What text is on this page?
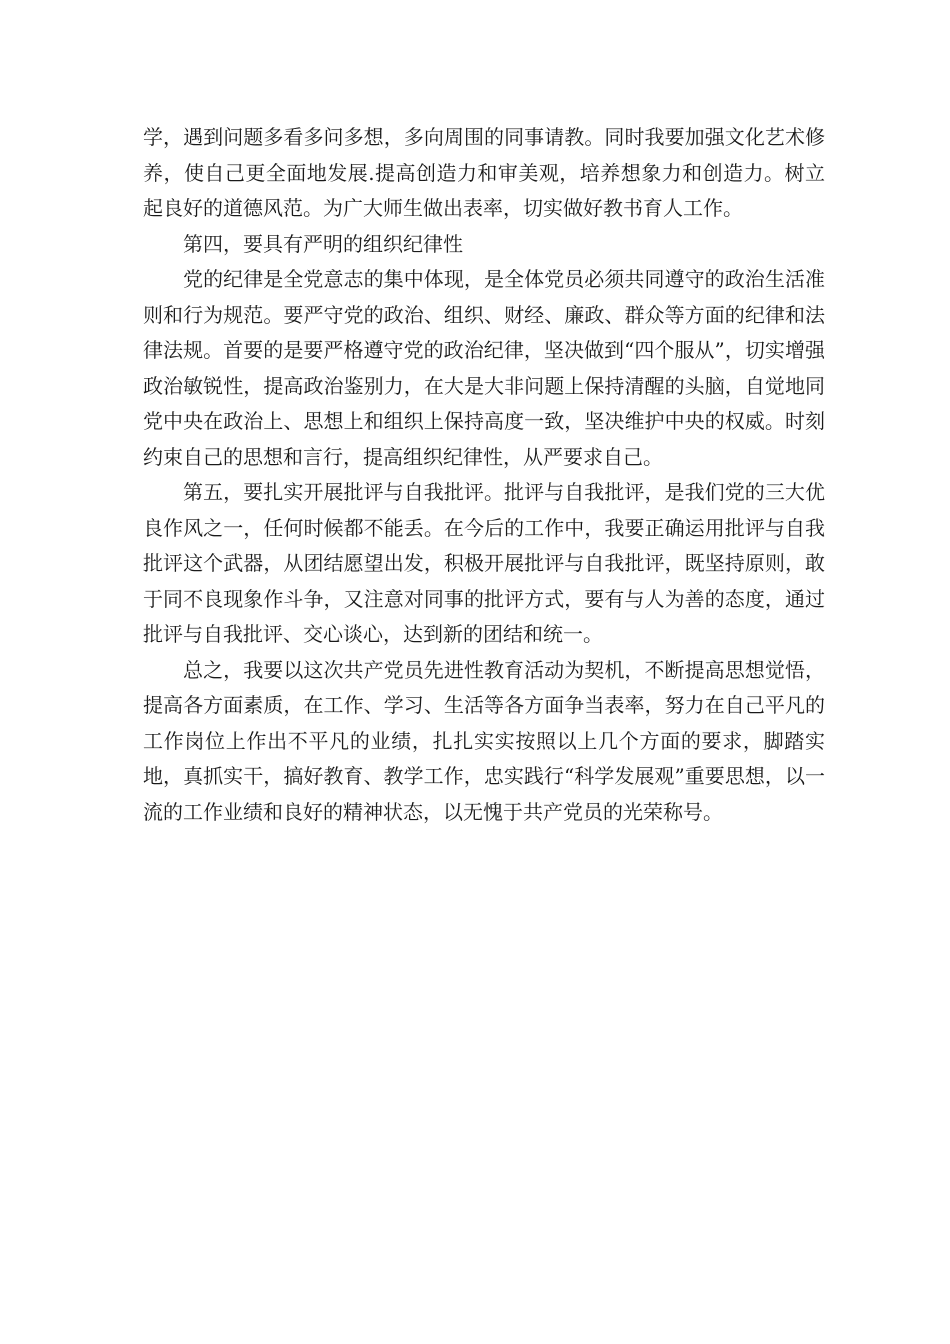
学，遇到问题多看多问多想，多向周围的同事请教。同时我要加强文化艺术修养，使自己更全面地发展.提高创造力和审美观，培养想象力和创造力。树立起良好的道德风范。为广大师生做出表率，切实做好教书育人工作。

第四，要具有严明的组织纪律性

党的纪律是全党意志的集中体现，是全体党员必须共同遵守的政治生活准则和行为规范。要严守党的政治、组织、财经、廉政、群众等方面的纪律和法律法规。首要的是要严格遵守党的政治纪律，坚决做到“四个服从”，切实增强政治敏锐性，提高政治鉴别力，在大是大非问题上保持清醒的头脑，自觉地同党中央在政治上、思想上和组织上保持高度一致，坚决维护中央的权威。时刻约束自己的思想和言行，提高组织纪律性，从严要求自己。

第五，要扎实开展批评与自我批评。批评与自我批评，是我们党的三大优良作风之一，任何时候都不能丢。在今后的工作中，我要正确运用批评与自我批评这个武器，从团结愿望出发，积极开展批评与自我批评，既坚持原则，敢于同不良现象作斗争，又注意对同事的批评方式，要有与人为善的态度，通过批评与自我批评、交心谈心，达到新的团结和统一。

总之，我要以这次共产党员先进性教育活动为契机，不断提高思想觉悟，提高各方面素质，在工作、学习、生活等各方面争当表率，努力在自己平凡的工作岗位上作出不平凡的业绩，扎扎实实按照以上几个方面的要求，脚踏实地，真抓实干，搞好教育、教学工作，忠实践行“科学发展观”重要思想，以一流的工作业绩和良好的精神状态，以无愧于共产党员的光荣称号。
